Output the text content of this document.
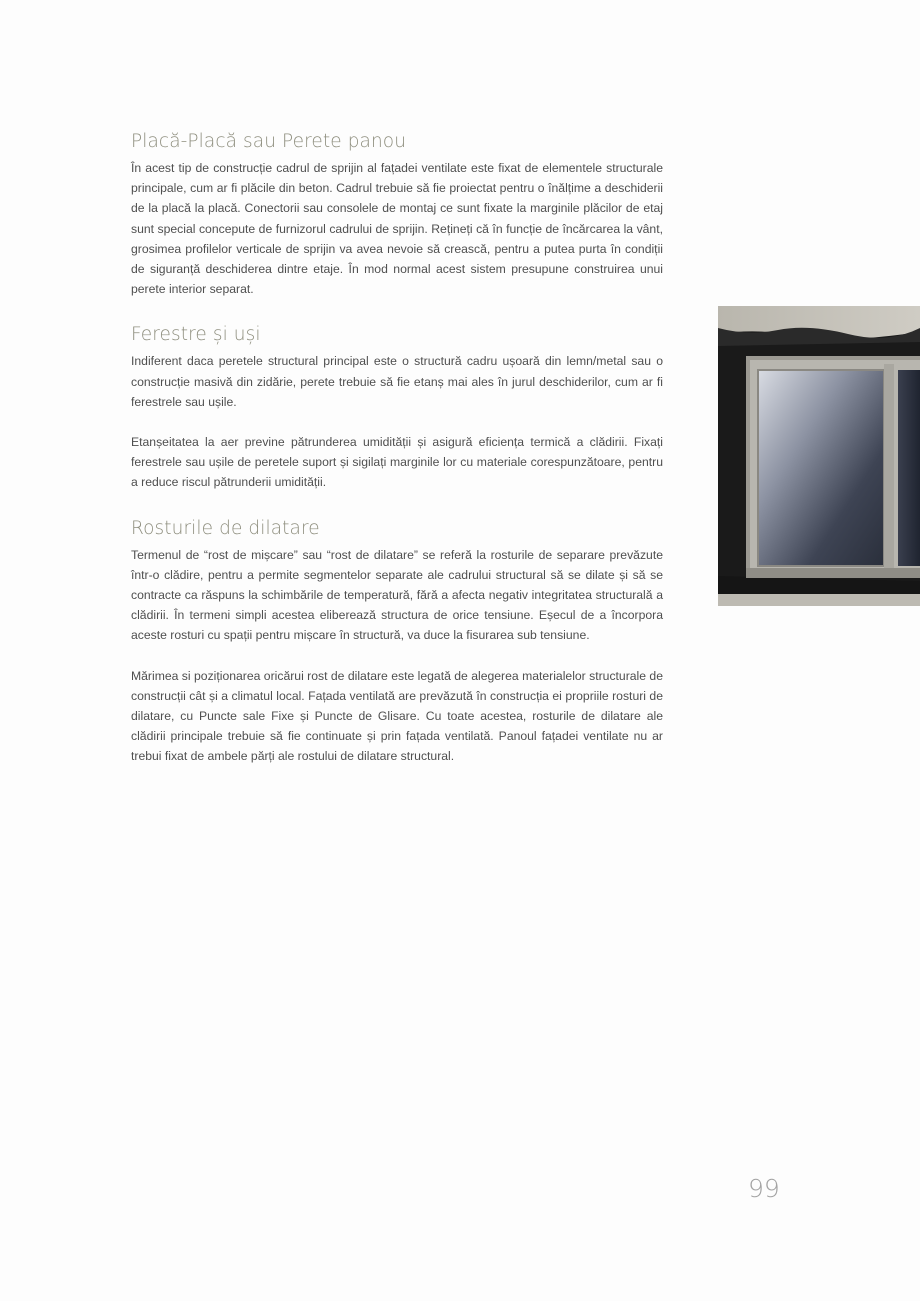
Placă-Placă sau Perete panou

În acest tip de construcție cadrul de sprijin al fațadei ventilate este fixat de elementele structurale principale, cum ar fi plăcile din beton. Cadrul trebuie să fie proiectat pentru o înălțime a deschiderii de la placă la placă. Conectorii sau consolele de montaj ce sunt fixate la marginile plăcilor de etaj sunt special concepute de furnizorul cadrului de sprijin. Rețineți că în funcție de încărcarea la vânt, grosimea profilelor verticale de sprijin va avea nevoie să crească, pentru a putea purta în condiții de siguranță deschiderea dintre etaje. În mod normal acest sistem presupune construirea unui perete interior separat.

Ferestre și uși

Indiferent daca peretele structural principal este o structură cadru ușoară din lemn/metal sau o construcție masivă din zidărie, perete trebuie să fie etanș mai ales în jurul deschiderilor, cum ar fi ferestrele sau ușile.

Etanșeitatea la aer previne pătrunderea umidității și asigură eficiența termică a clădirii. Fixați ferestrele sau ușile de peretele suport și sigilați marginile lor cu materiale corespunzătoare, pentru a reduce riscul pătrunderii umidității.

Rosturile de dilatare

Termenul de “rost de mișcare” sau “rost de dilatare” se referă la rosturile de separare prevăzute într-o clădire, pentru a permite segmentelor separate ale cadrului structural să se dilate și să se contracte ca răspuns la schimbările de temperatură, fără a afecta negativ integritatea structurală a clădirii. În termeni simpli acestea eliberează structura de orice tensiune. Eșecul de a încorpora aceste rosturi cu spații pentru mișcare în structură, va duce la fisurarea sub tensiune.

Mărimea si poziționarea oricărui rost de dilatare este legată de alegerea materialelor structurale de construcții cât și a climatul local. Fațada ventilată are prevăzută în construcția ei propriile rosturi de dilatare, cu Puncte sale Fixe și Puncte de Glisare. Cu toate acestea, rosturile de dilatare ale clădirii principale trebuie să fie continuate și prin fațada ventilată. Panoul fațadei ventilate nu ar trebui fixat de ambele părți ale rostului de dilatare structural.

99
